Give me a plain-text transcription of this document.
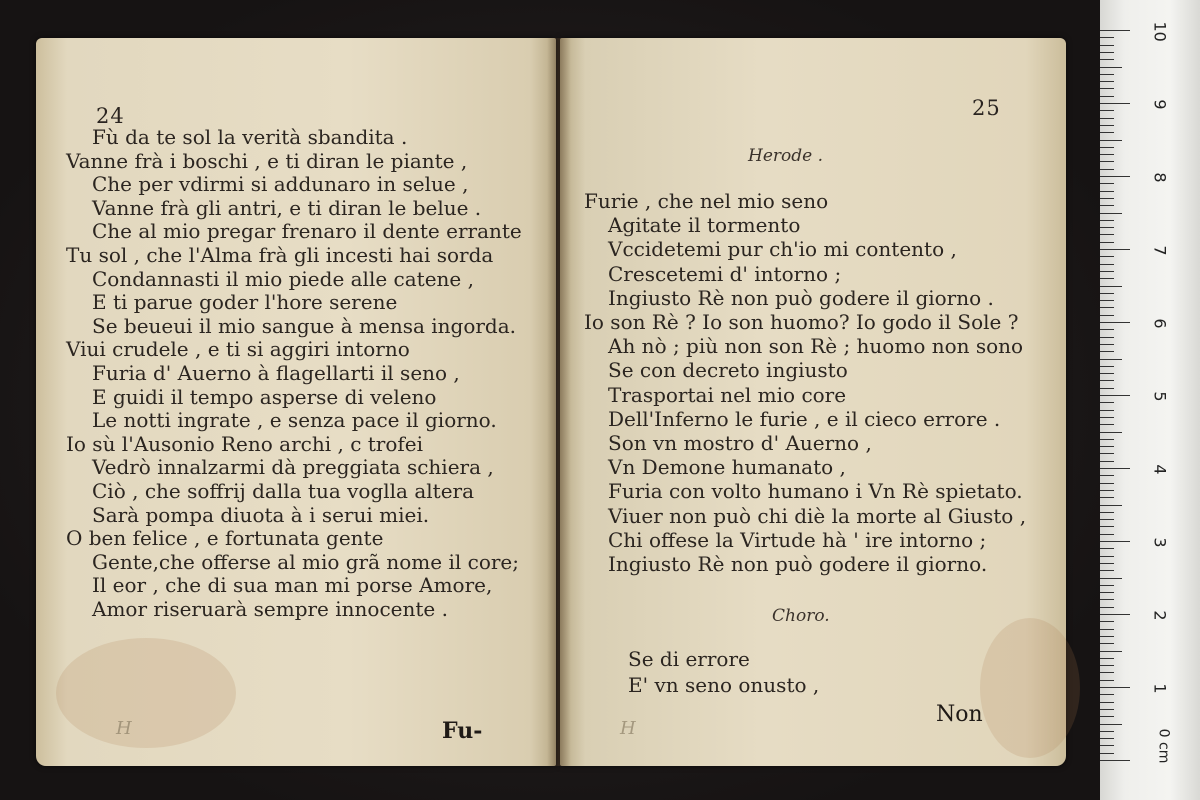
24
Fù da te sol la verità sbandita .
Vanne frà i boschi , e ti diran le piante ,
Che per vdirmi si addunaro in selue ,
Vanne frà gli antri, e ti diran le belue .
Che al mio pregar frenaro il dente errante
Tu sol , che l'Alma frà gli incesti hai sorda
Condannasti il mio piede alle catene ,
E ti parue goder l'hore serene
Se beueui il mio sangue à mensa ingorda.
Viui crudele , e ti si aggiri intorno
Furia d' Auerno à flagellarti il seno ,
E guidi il tempo asperse di veleno
Le notti ingrate , e senza pace il giorno.
Io sù l'Ausonio Reno archi , c trofei
Vedrò innalzarmi dà preggiata schiera ,
Ciò , che soffrij dalla tua voglla altera
Sarà pompa diuota à i serui miei.
O ben felice , e fortunata gente
Gente,che offerse al mio grã nome il core;
Il eor , che di sua man mi porse Amore,
Amor riseruarà sempre innocente .
H	Fu-
25
Herode .
Furie , che nel mio seno
Agitate il tormento
Vccidetemi pur ch'io mi contento ,
Crescetemi d' intorno ;
Ingiusto Rè non può godere il giorno .
Io son Rè ? Io son huomo? Io godo il Sole ?
Ah nò ; più non son Rè ; huomo non sono
Se con decreto ingiusto
Trasportai nel mio core
Dell'Inferno le furie , e il cieco errore .
Son vn mostro d' Auerno ,
Vn Demone humanato ,
Furia con volto humano i Vn Rè spietato.
Viuer non può chi diè la morte al Giusto ,
Chi offese la Virtude hà ' ire intorno ;
Ingiusto Rè non può godere il giorno.
Choro.
Se di errore
E' vn seno onusto ,
H
Non
0 cm
10
9
8
7
6
5
4
3
2
1
